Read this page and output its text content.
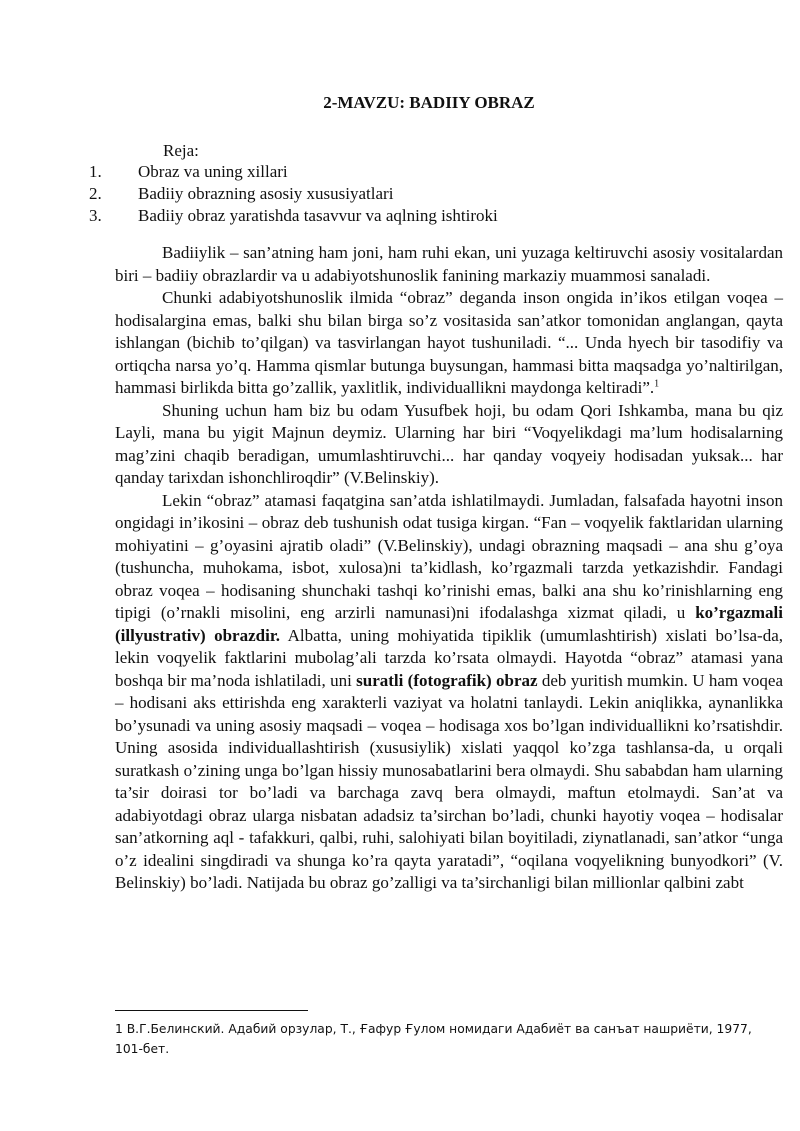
2-MAVZU: BADIIY OBRAZ
Reja:
1. Obraz va uning xillari
2. Badiiy obrazning asosiy xususiyatlari
3. Badiiy obraz yaratishda tasavvur va aqlning ishtiroki

Badiiylik – san’atning ham joni, ham ruhi ekan, uni yuzaga keltiruvchi asosiy vositalardan biri – badiiy obrazlardir va u adabiyotshunoslik fanining markaziy muammosi sanaladi.

Chunki adabiyotshunoslik ilmida “obraz” deganda inson ongida in’ikos etilgan voqea – hodisalargina emas, balki shu bilan birga so’z vositasida san’atkor tomonidan anglangan, qayta ishlangan (bichib to’qilgan) va tasvirlangan hayot tushuniladi. “... Unda hyech bir tasodifiy va ortiqcha narsa yo’q. Hamma qismlar butunga buysungan, hammasi bitta maqsadga yo’naltirilgan, hammasi birlikda bitta go’zallik, yaxlitlik, individuallikni maydonga keltiradi”.$^1$

Shuning uchun ham biz bu odam Yusufbek hoji, bu odam Qori Ishkamba, mana bu qiz Layli, mana bu yigit Majnun deymiz. Ularning har biri “Voqyelikdagi ma’lum hodisalarning mag’zini chaqib beradigan, umumlashtiruvchi... har qanday voqyeiy hodisadan yuksak... har qanday tarixdan ishonchliroqdir” (V.Belinskiy).

Lekin “obraz” atamasi faqatgina san’atda ishlatilmaydi. Jumladan, falsafada hayotni inson ongidagi in’ikosini – obraz deb tushunish odat tusiga kirgan. “Fan – voqyelik faktlaridan ularning mohiyatini – g’oyasini ajratib oladi” (V.Belinskiy), undagi obrazning maqsadi – ana shu g’oya (tushuncha, muhokama, isbot, xulosa)ni ta’kidlash, ko’rgazmali tarzda yetkazishdir. Fandagi obraz voqea – hodisaning shunchaki tashqi ko’rinishi emas, balki ana shu ko’rinishlarning eng tipigi (o’rnakli misolini, eng arzirli namunasi)ni ifodalashga xizmat qiladi, u ko’rgazmali (illyustrativ) obrazdir. Albatta, uning mohiyatida tipiklik (umumlashtirish) xislati bo’lsa-da, lekin voqyelik faktlarini mubolag’ali tarzda ko’rsata olmaydi. Hayotda “obraz” atamasi yana boshqa bir ma’noda ishlatiladi, uni suratli (fotografik) obraz deb yuritish mumkin. U ham voqea – hodisani aks ettirishda eng xarakterli vaziyat va holatni tanlaydi. Lekin aniqlikka, aynanlikka bo’ysunadi va uning asosiy maqsadi – voqea – hodisaga xos bo’lgan individuallikni ko’rsatishdir. Uning asosida individuallashtirish (xususiylik) xislati yaqqol ko’zga tashlansa-da, u orqali suratkash o’zining unga bo’lgan hissiy munosabatlarini bera olmaydi. Shu sababdan ham ularning ta’sir doirasi tor bo’ladi va barchaga zavq bera olmaydi, maftun etolmaydi. San’at va adabiyotdagi obraz ularga nisbatan adadsiz ta’sirchan bo’ladi, chunki hayotiy voqea – hodisalar san’atkorning aql - tafakkuri, qalbi, ruhi, salohiyati bilan boyitiladi, ziynatlanadi, san’atkor “unga o’z idealini singdiradi va shunga ko’ra qayta yaratadi”, “oqilana voqyelikning bunyodkori” (V. Belinskiy) bo’ladi. Natijada bu obraz go’zalligi va ta’sirchanligi bilan millionlar qalbini zabt

1 В.Г.Белинский. Адабий орзулар, Т., Ғафур Ғулом номидаги Адабиёт ва санъат нашриёти, 1977, 101-бет.
